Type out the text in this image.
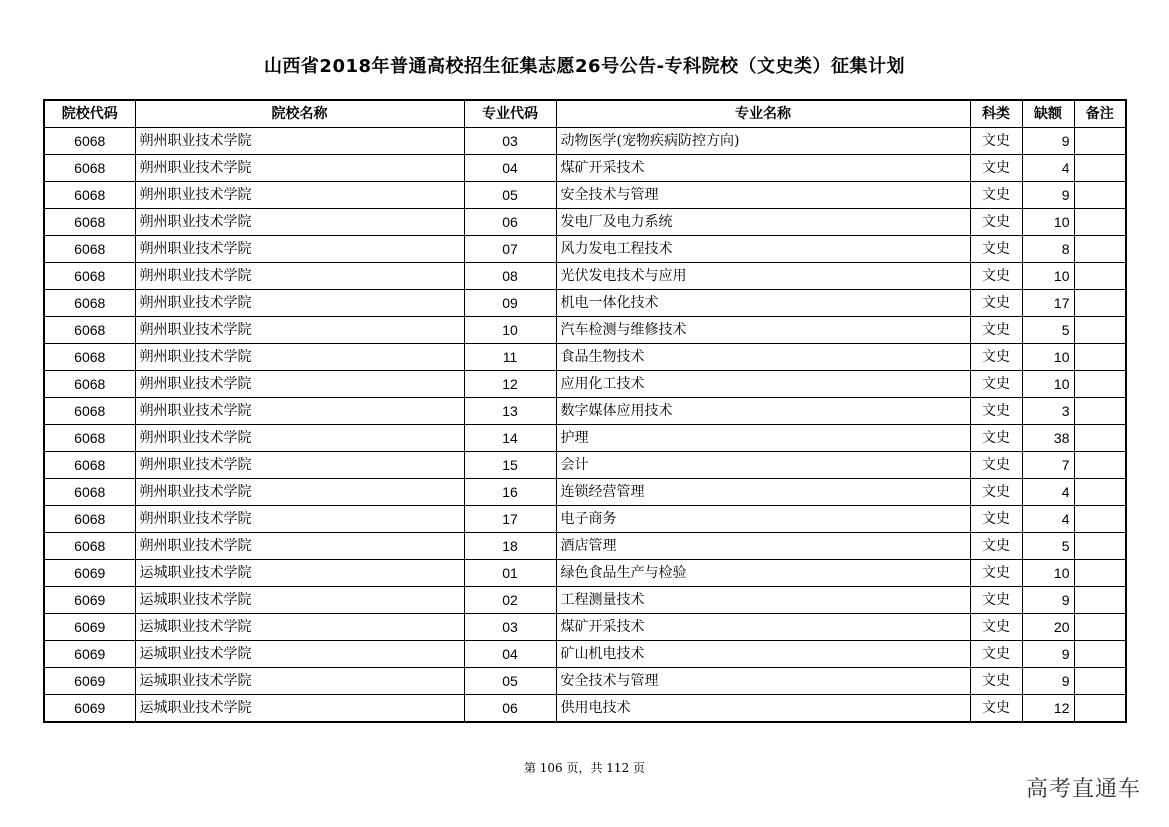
山西省2018年普通高校招生征集志愿26号公告-专科院校（文史类）征集计划
院校代码	院校名称	专业代码	专业名称	科类	缺额	备注
6068	朔州职业技术学院	03	动物医学(宠物疾病防控方向)	文史	9	
6068	朔州职业技术学院	04	煤矿开采技术	文史	4	
6068	朔州职业技术学院	05	安全技术与管理	文史	9	
6068	朔州职业技术学院	06	发电厂及电力系统	文史	10	
6068	朔州职业技术学院	07	风力发电工程技术	文史	8	
6068	朔州职业技术学院	08	光伏发电技术与应用	文史	10	
6068	朔州职业技术学院	09	机电一体化技术	文史	17	
6068	朔州职业技术学院	10	汽车检测与维修技术	文史	5	
6068	朔州职业技术学院	11	食品生物技术	文史	10	
6068	朔州职业技术学院	12	应用化工技术	文史	10	
6068	朔州职业技术学院	13	数字媒体应用技术	文史	3	
6068	朔州职业技术学院	14	护理	文史	38	
6068	朔州职业技术学院	15	会计	文史	7	
6068	朔州职业技术学院	16	连锁经营管理	文史	4	
6068	朔州职业技术学院	17	电子商务	文史	4	
6068	朔州职业技术学院	18	酒店管理	文史	5	
6069	运城职业技术学院	01	绿色食品生产与检验	文史	10	
6069	运城职业技术学院	02	工程测量技术	文史	9	
6069	运城职业技术学院	03	煤矿开采技术	文史	20	
6069	运城职业技术学院	04	矿山机电技术	文史	9	
6069	运城职业技术学院	05	安全技术与管理	文史	9	
6069	运城职业技术学院	06	供用电技术	文史	12	
第 106 页，共 112 页
高考直通车
